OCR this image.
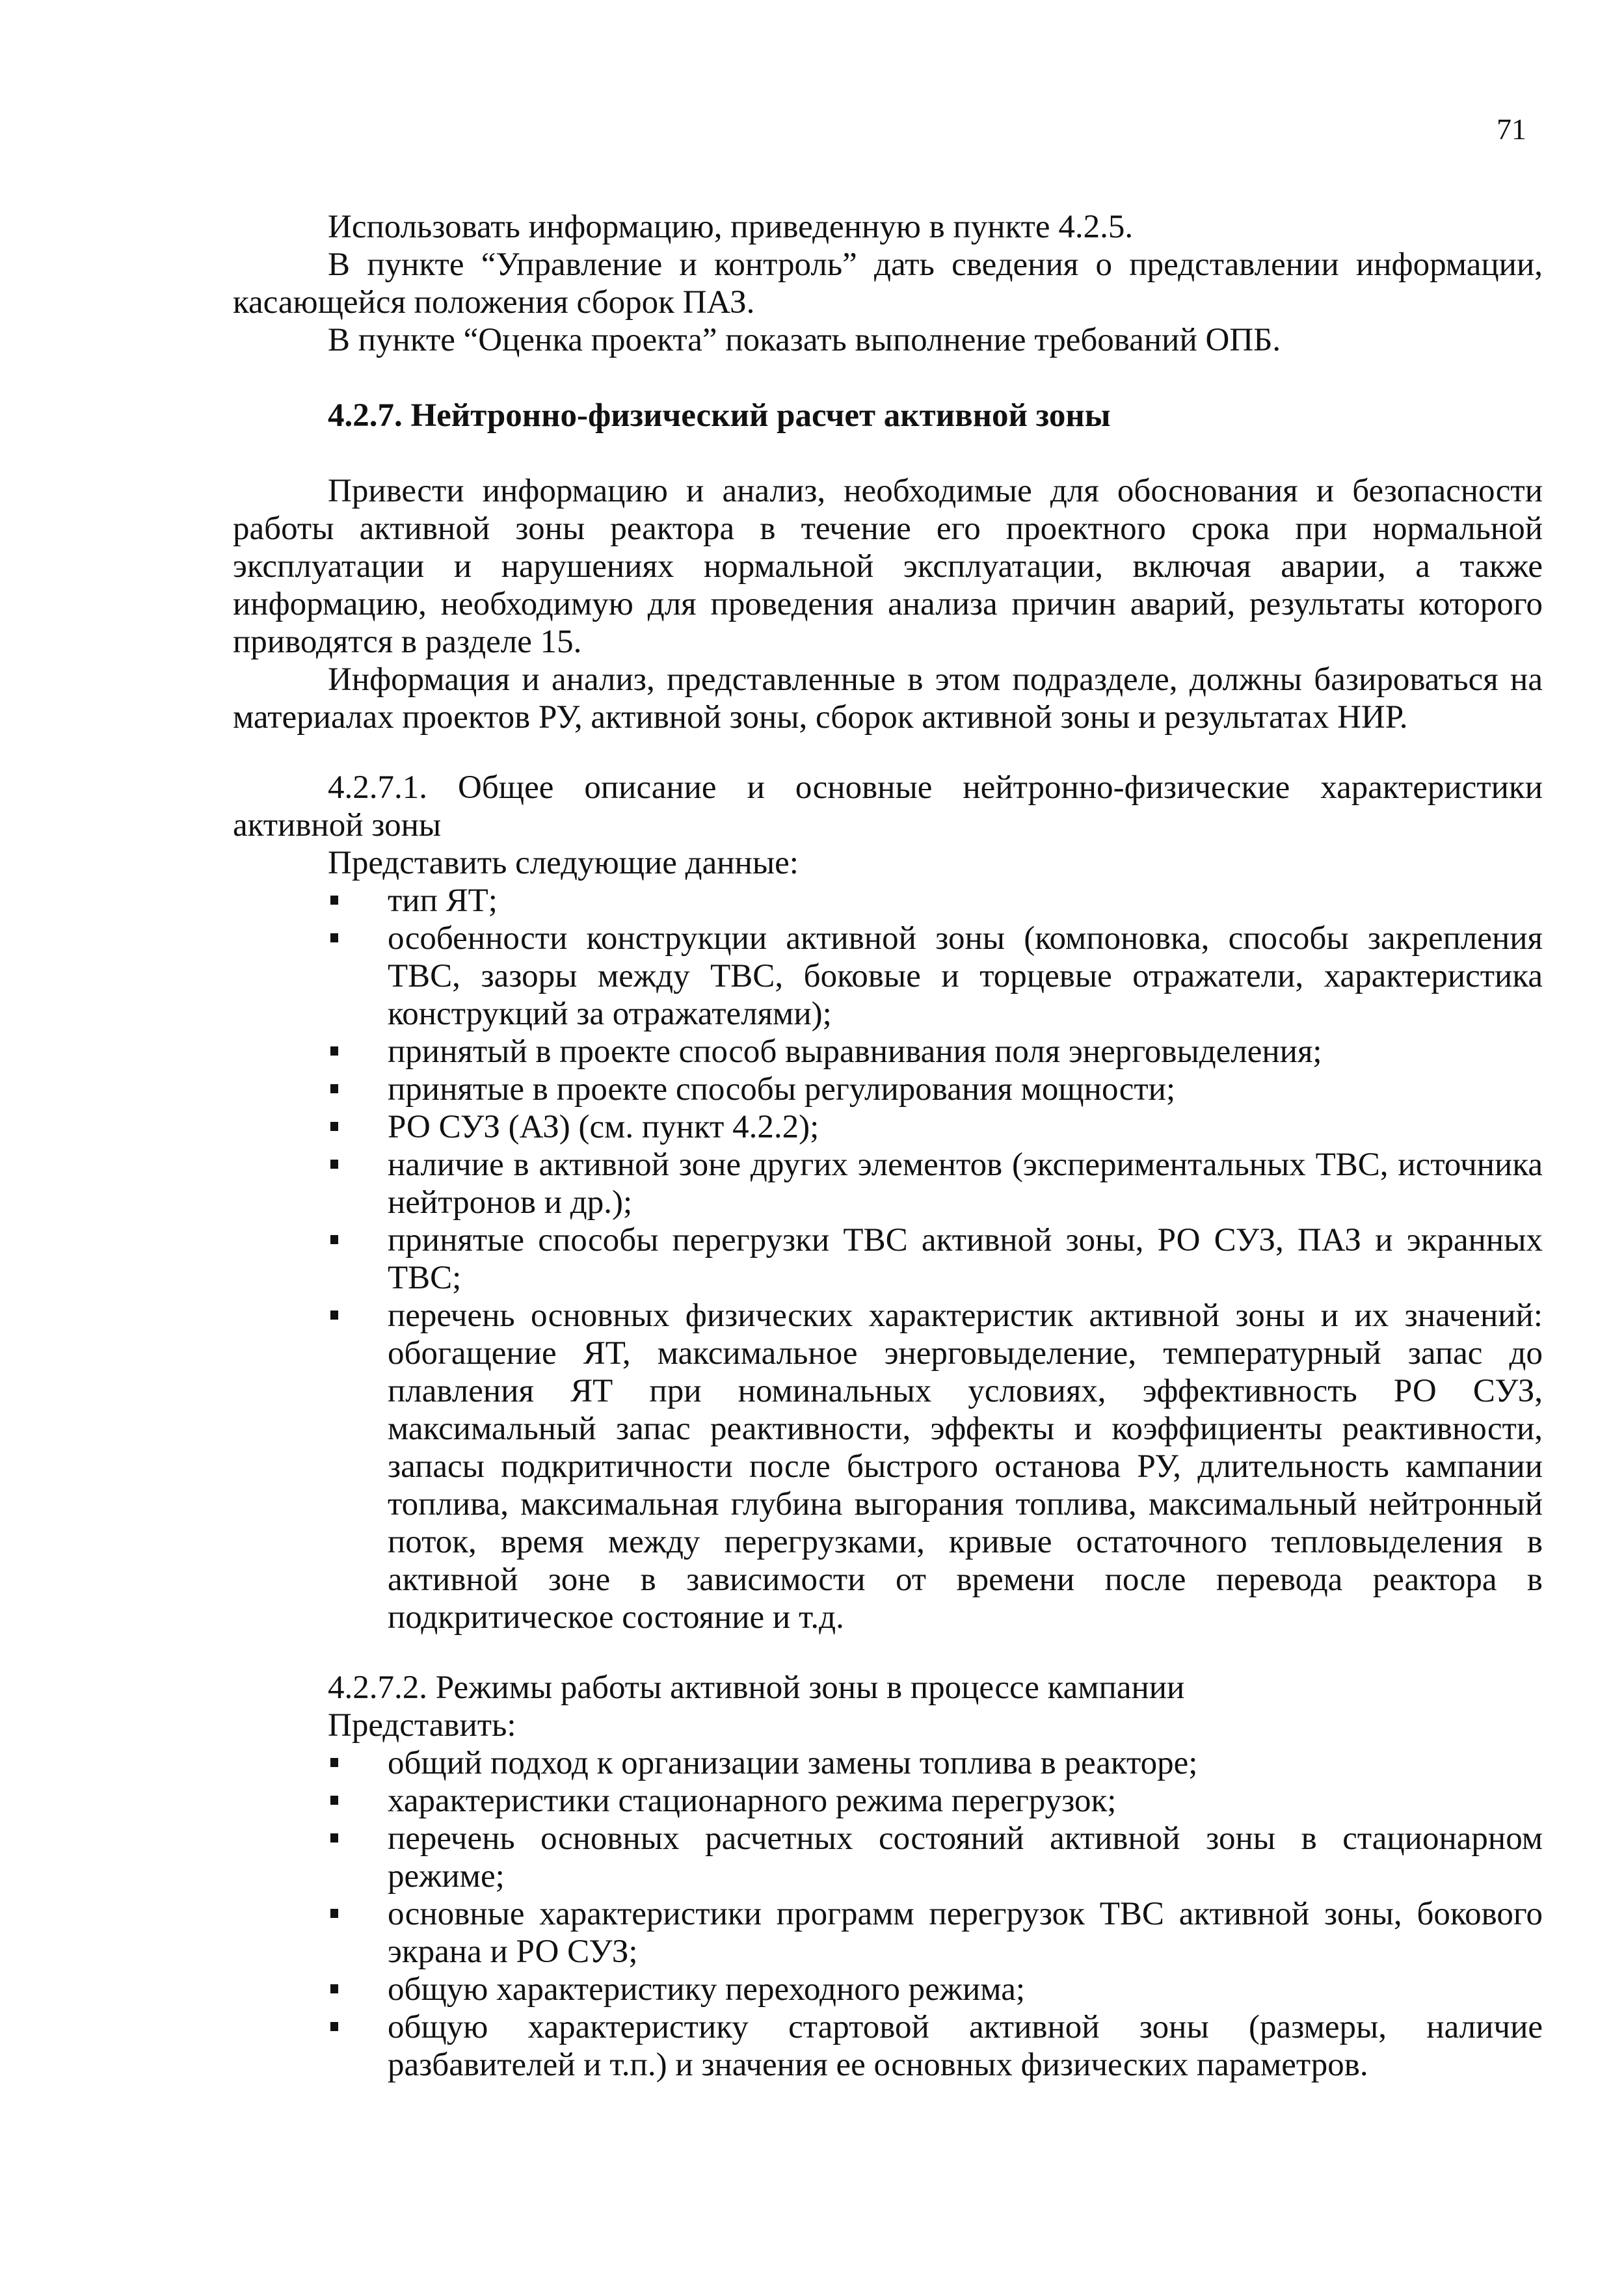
71

Использовать информацию, приведенную в пункте 4.2.5.

В пункте “Управление и контроль” дать сведения о представлении информации, касающейся положения сборок ПАЗ.

В пункте “Оценка проекта” показать выполнение требований ОПБ.

4.2.7. Нейтронно-физический расчет активной зоны

Привести информацию и анализ, необходимые для обоснования и безопасности работы активной зоны реактора в течение его проектного срока при нормальной эксплуатации и нарушениях нормальной эксплуатации, включая аварии, а также информацию, необходимую для проведения анализа причин аварий, результаты которого приводятся в разделе 15.

Информация и анализ, представленные в этом подразделе, должны базироваться на материалах проектов РУ, активной зоны, сборок активной зоны и результатах НИР.

4.2.7.1. Общее описание и основные нейтронно-физические характеристики активной зоны

Представить следующие данные:

тип ЯТ;
особенности конструкции активной зоны (компоновка, способы закрепления ТВС, зазоры между ТВС, боковые и торцевые отражатели, характеристика конструкций за отражателями);
принятый в проекте способ выравнивания поля энерговыделения;
принятые в проекте способы регулирования мощности;
РО СУЗ (АЗ) (см. пункт 4.2.2);
наличие в активной зоне других элементов (экспериментальных ТВС, источника нейтронов и др.);
принятые способы перегрузки ТВС активной зоны, РО СУЗ, ПАЗ и экранных ТВС;
перечень основных физических характеристик активной зоны и их значений: обогащение ЯТ, максимальное энерговыделение, температурный запас до плавления ЯТ при номинальных условиях, эффективность РО СУЗ, максимальный запас реактивности, эффекты и коэффициенты реактивности, запасы подкритичности после быстрого останова РУ, длительность кампании топлива, максимальная глубина выгорания топлива, максимальный нейтронный поток, время между перегрузками, кривые остаточного тепловыделения в активной зоне в зависимости от времени после перевода реактора в подкритическое состояние и т.д.

4.2.7.2. Режимы работы активной зоны в процессе кампании

Представить:

общий подход к организации замены топлива в реакторе;
характеристики стационарного режима перегрузок;
перечень основных расчетных состояний активной зоны в стационарном режиме;
основные характеристики программ перегрузок ТВС активной зоны, бокового экрана и РО СУЗ;
общую характеристику переходного режима;
общую характеристику стартовой активной зоны (размеры, наличие разбавителей и т.п.) и значения ее основных физических параметров.
